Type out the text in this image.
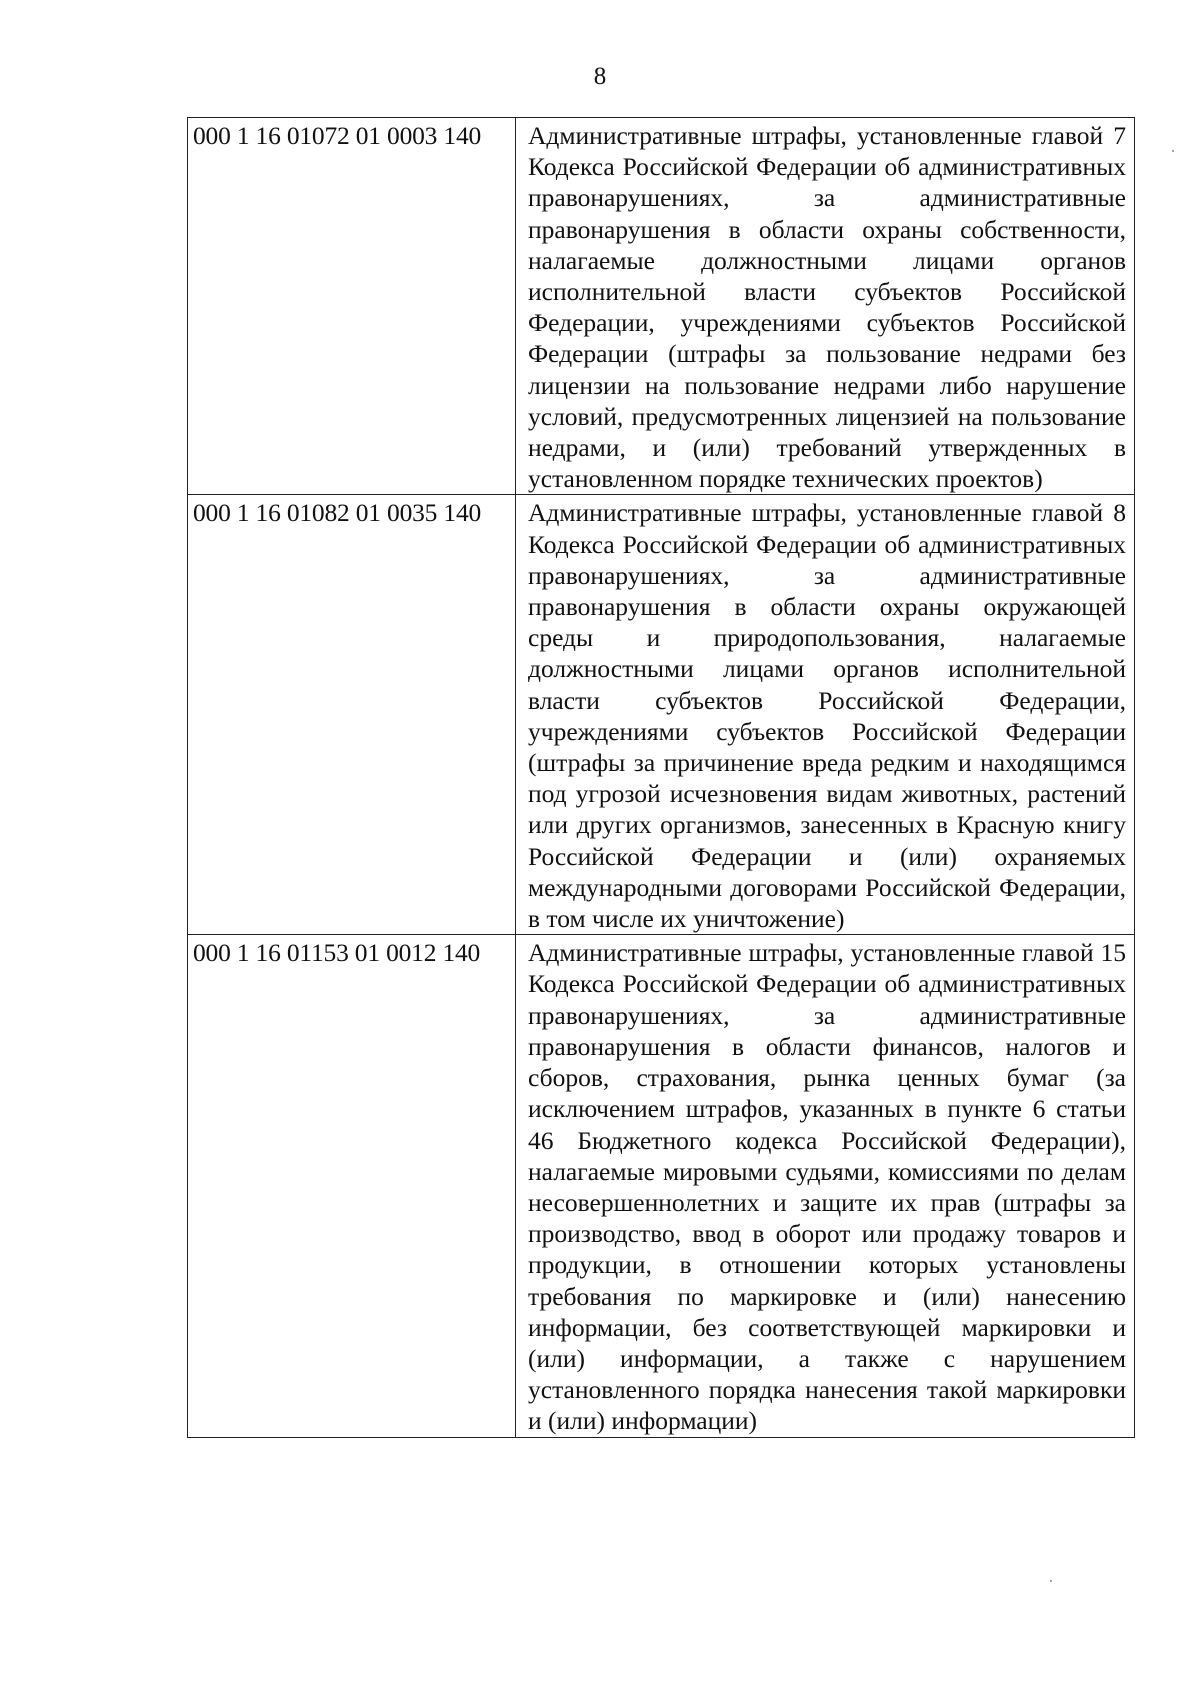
8
000 1 16 01072 01 0003 140	Административные штрафы, установленные главой 7 Кодекса Российской Федерации об административных правонарушениях, за административные правонарушения в области охраны собственности, налагаемые должностными лицами органов исполнительной власти субъектов Российской Федерации, учреждениями субъектов Российской Федерации (штрафы за пользование недрами без лицензии на пользование недрами либо нарушение условий, предусмотренных лицензией на пользование недрами, и (или) требований утвержденных в установленном порядке технических проектов)
000 1 16 01082 01 0035 140	Административные штрафы, установленные главой 8 Кодекса Российской Федерации об административных правонарушениях, за административные правонарушения в области охраны окружающей среды и природопользования, налагаемые должностными лицами органов исполнительной власти субъектов Российской Федерации, учреждениями субъектов Российской Федерации (штрафы за причинение вреда редким и находящимся под угрозой исчезновения видам животных, растений или других организмов, занесенных в Красную книгу Российской Федерации и (или) охраняемых международными договорами Российской Федерации, в том числе их уничтожение)
000 1 16 01153 01 0012 140	Административные штрафы, установленные главой 15 Кодекса Российской Федерации об административных правонарушениях, за административные правонарушения в области финансов, налогов и сборов, страхования, рынка ценных бумаг (за исключением штрафов, указанных в пункте 6 статьи 46 Бюджетного кодекса Российской Федерации), налагаемые мировыми судьями, комиссиями по делам несовершеннолетних и защите их прав (штрафы за производство, ввод в оборот или продажу товаров и продукции, в отношении которых установлены требования по маркировке и (или) нанесению информации, без соответствующей маркировки и (или) информации, а также с нарушением установленного порядка нанесения такой маркировки и (или) информации)
